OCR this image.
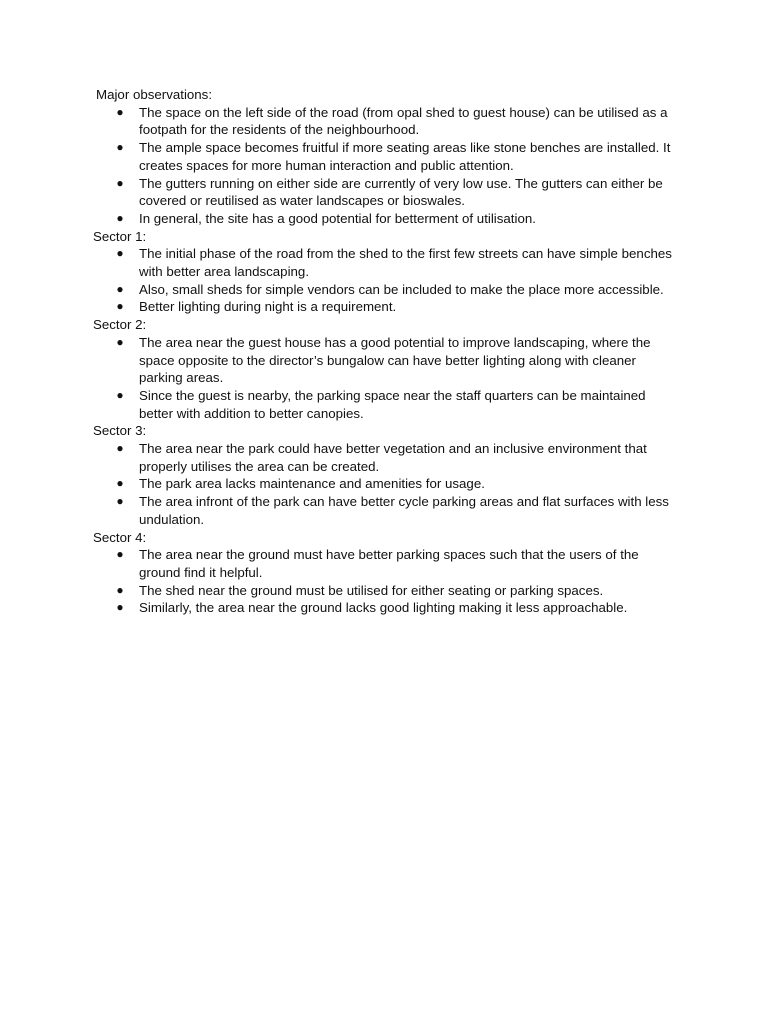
Major observations:
● The space on the left side of the road (from opal shed to guest house) can be utilised as a footpath for the residents of the neighbourhood.
● The ample space becomes fruitful if more seating areas like stone benches are installed. It creates spaces for more human interaction and public attention.
● The gutters running on either side are currently of very low use. The gutters can either be covered or reutilised as water landscapes or bioswales.
● In general, the site has a good potential for betterment of utilisation.
Sector 1:
● The initial phase of the road from the shed to the first few streets can have simple benches with better area landscaping.
● Also, small sheds for simple vendors can be included to make the place more accessible.
● Better lighting during night is a requirement.
Sector 2:
● The area near the guest house has a good potential to improve landscaping, where the space opposite to the director’s bungalow can have better lighting along with cleaner parking areas.
● Since the guest is nearby, the parking space near the staff quarters can be maintained better with addition to better canopies.
Sector 3:
● The area near the park could have better vegetation and an inclusive environment that properly utilises the area can be created.
● The park area lacks maintenance and amenities for usage.
● The area infront of the park can have better cycle parking areas and flat surfaces with less undulation.
Sector 4:
● The area near the ground must have better parking spaces such that the users of the ground find it helpful.
● The shed near the ground must be utilised for either seating or parking spaces.
● Similarly, the area near the ground lacks good lighting making it less approachable.
